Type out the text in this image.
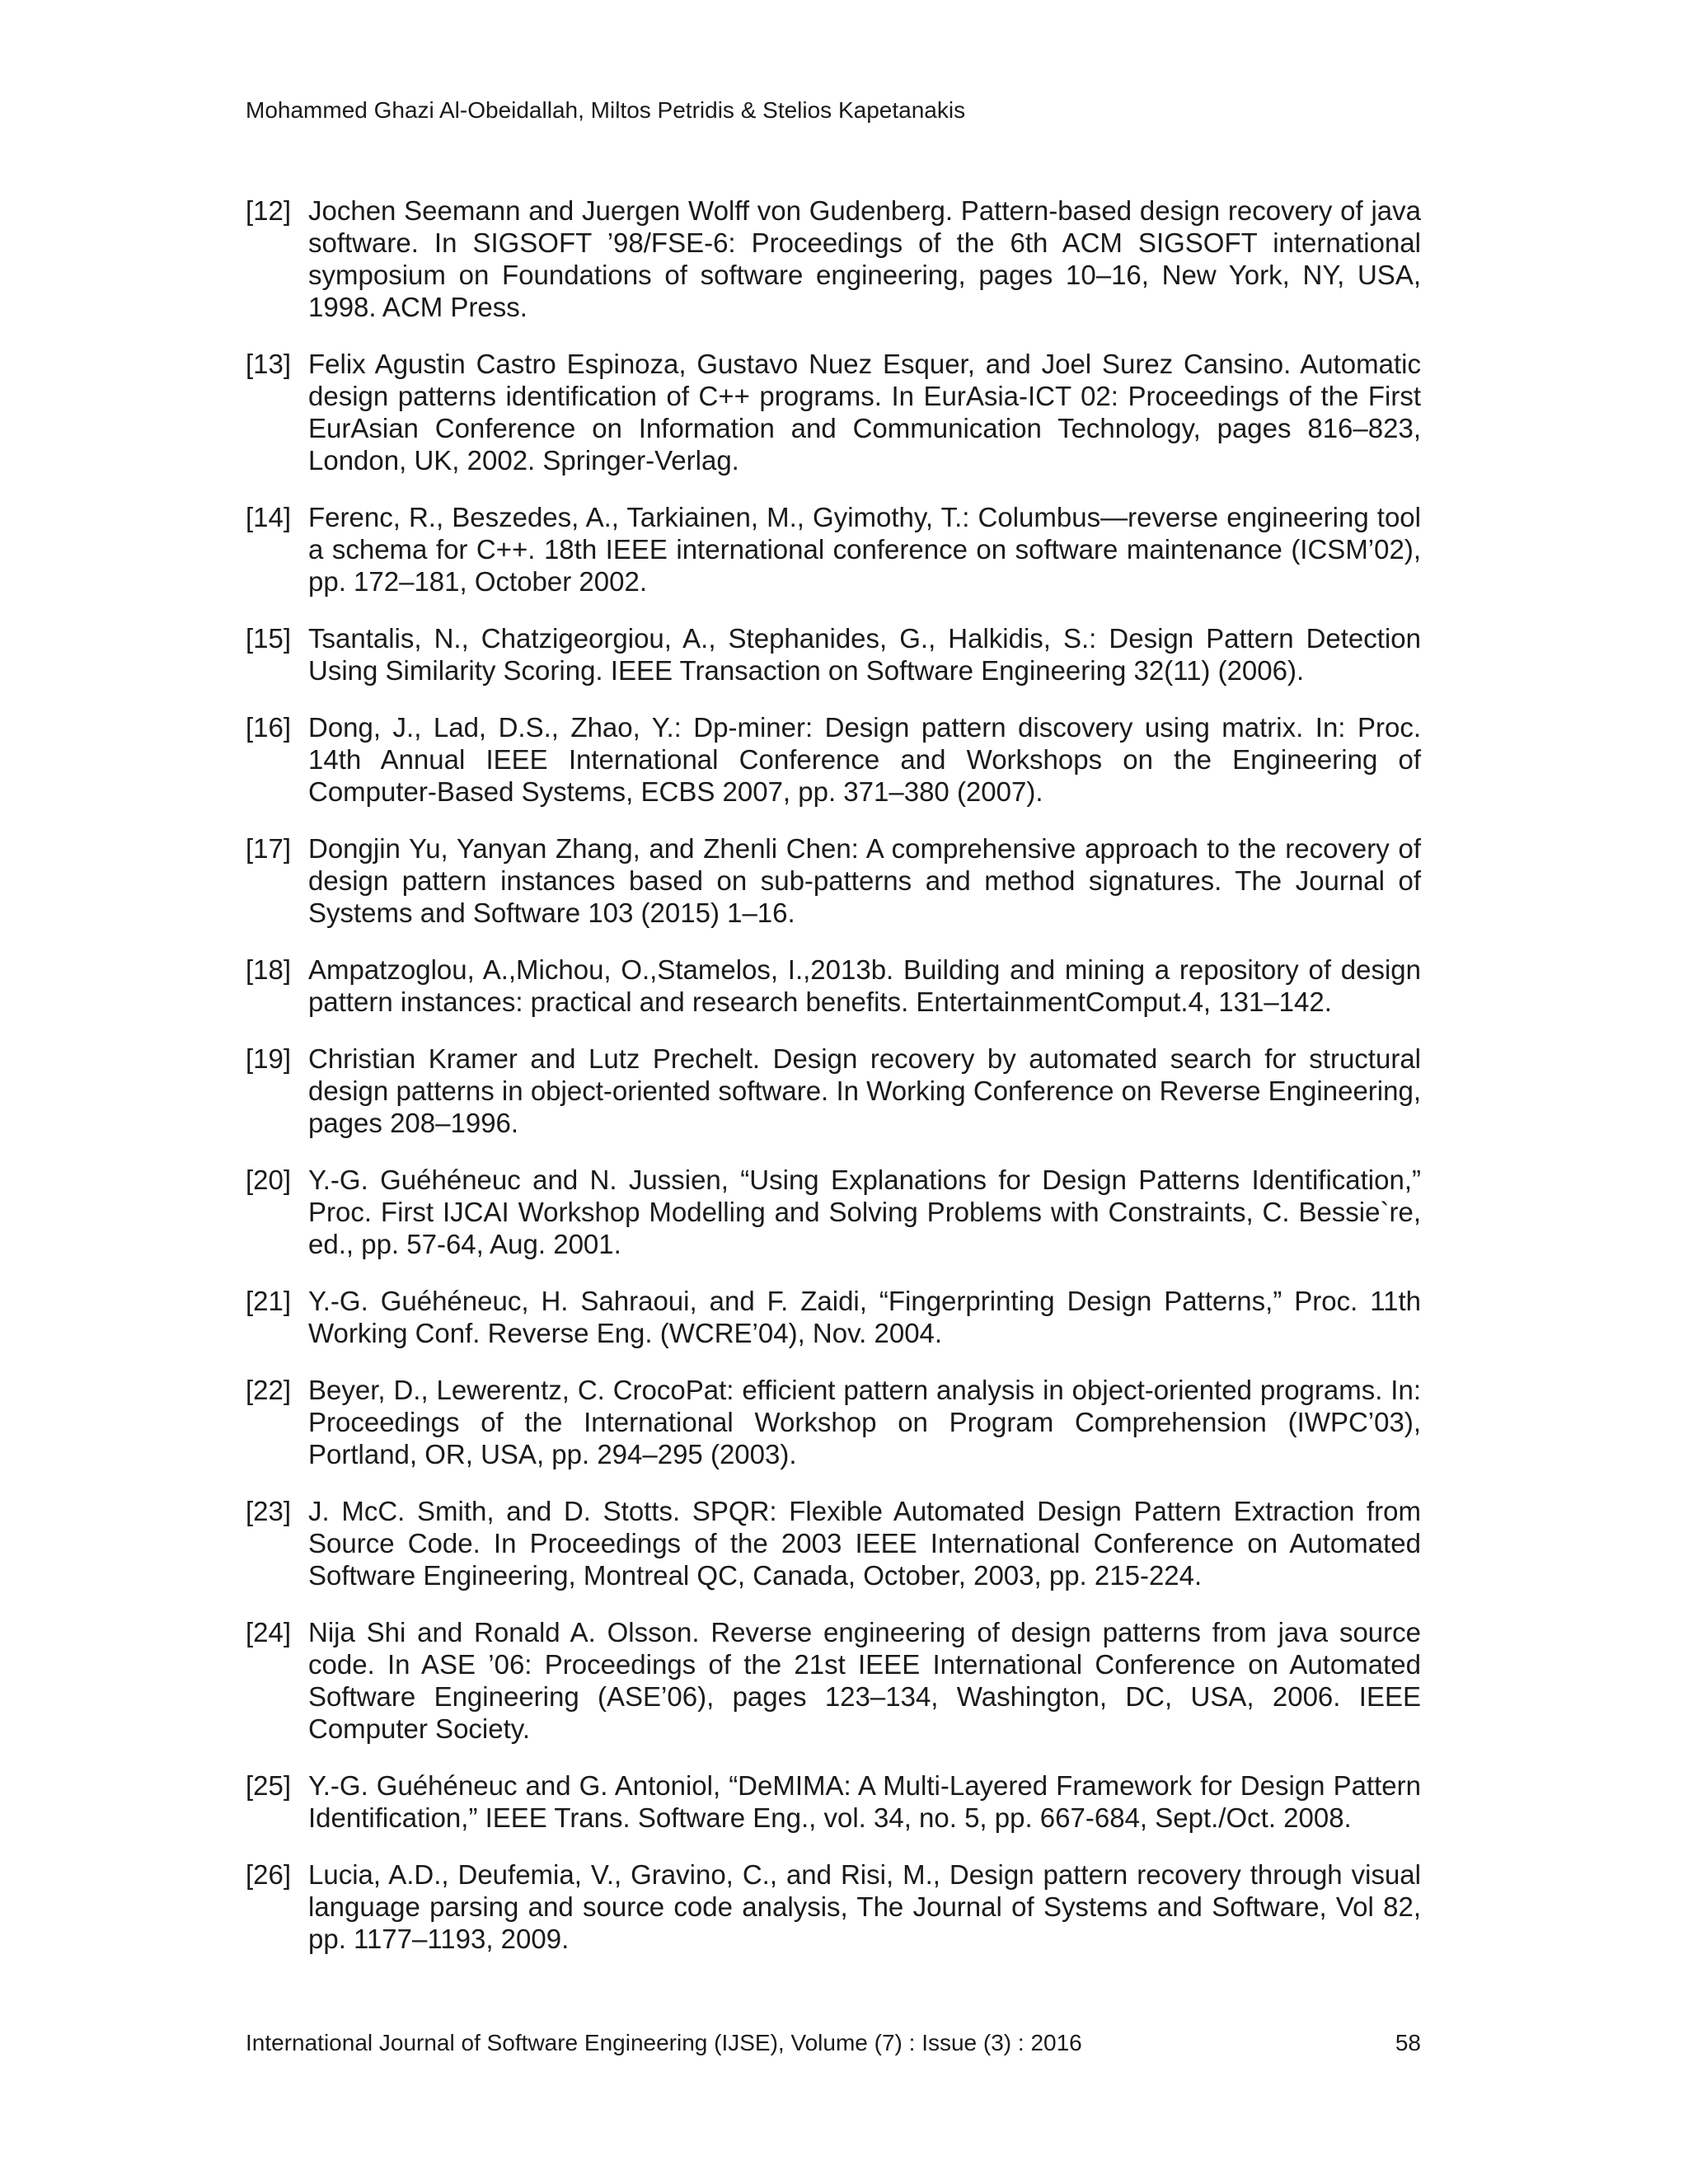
Mohammed Ghazi Al-Obeidallah, Miltos Petridis & Stelios Kapetanakis
[12] Jochen Seemann and Juergen Wolff von Gudenberg. Pattern-based design recovery of java software. In SIGSOFT ’98/FSE-6: Proceedings of the 6th ACM SIGSOFT international symposium on Foundations of software engineering, pages 10–16, New York, NY, USA, 1998. ACM Press.
[13] Felix Agustin Castro Espinoza, Gustavo Nuez Esquer, and Joel Surez Cansino. Automatic design patterns identification of C++ programs. In EurAsia-ICT 02: Proceedings of the First EurAsian Conference on Information and Communication Technology, pages 816–823, London, UK, 2002. Springer-Verlag.
[14] Ferenc, R., Beszedes, A., Tarkiainen, M., Gyimothy, T.: Columbus—reverse engineering tool a schema for C++. 18th IEEE international conference on software maintenance (ICSM’02), pp. 172–181, October 2002.
[15] Tsantalis, N., Chatzigeorgiou, A., Stephanides, G., Halkidis, S.: Design Pattern Detection Using Similarity Scoring. IEEE Transaction on Software Engineering 32(11) (2006).
[16] Dong, J., Lad, D.S., Zhao, Y.: Dp-miner: Design pattern discovery using matrix. In: Proc. 14th Annual IEEE International Conference and Workshops on the Engineering of Computer-Based Systems, ECBS 2007, pp. 371–380 (2007).
[17] Dongjin Yu, Yanyan Zhang, and Zhenli Chen: A comprehensive approach to the recovery of design pattern instances based on sub-patterns and method signatures. The Journal of Systems and Software 103 (2015) 1–16.
[18] Ampatzoglou, A.,Michou, O.,Stamelos, I.,2013b. Building and mining a repository of design pattern instances: practical and research benefits. EntertainmentComput.4, 131–142.
[19] Christian Kramer and Lutz Prechelt. Design recovery by automated search for structural design patterns in object-oriented software. In Working Conference on Reverse Engineering, pages 208–1996.
[20] Y.-G. Guéhéneuc and N. Jussien, “Using Explanations for Design Patterns Identification,” Proc. First IJCAI Workshop Modelling and Solving Problems with Constraints, C. Bessie`re, ed., pp. 57-64, Aug. 2001.
[21] Y.-G. Guéhéneuc, H. Sahraoui, and F. Zaidi, “Fingerprinting Design Patterns,” Proc. 11th Working Conf. Reverse Eng. (WCRE’04), Nov. 2004.
[22] Beyer, D., Lewerentz, C. CrocoPat: efficient pattern analysis in object-oriented programs. In: Proceedings of the International Workshop on Program Comprehension (IWPC’03), Portland, OR, USA, pp. 294–295 (2003).
[23] J. McC. Smith, and D. Stotts. SPQR: Flexible Automated Design Pattern Extraction from Source Code. In Proceedings of the 2003 IEEE International Conference on Automated Software Engineering, Montreal QC, Canada, October, 2003, pp. 215-224.
[24] Nija Shi and Ronald A. Olsson. Reverse engineering of design patterns from java source code. In ASE ’06: Proceedings of the 21st IEEE International Conference on Automated Software Engineering (ASE’06), pages 123–134, Washington, DC, USA, 2006. IEEE Computer Society.
[25] Y.-G. Guéhéneuc and G. Antoniol, “DeMIMA: A Multi-Layered Framework for Design Pattern Identification,” IEEE Trans. Software Eng., vol. 34, no. 5, pp. 667-684, Sept./Oct. 2008.
[26] Lucia, A.D., Deufemia, V., Gravino, C., and Risi, M., Design pattern recovery through visual language parsing and source code analysis, The Journal of Systems and Software, Vol 82, pp. 1177–1193, 2009.
International Journal of Software Engineering (IJSE), Volume (7) : Issue (3) : 2016	58
